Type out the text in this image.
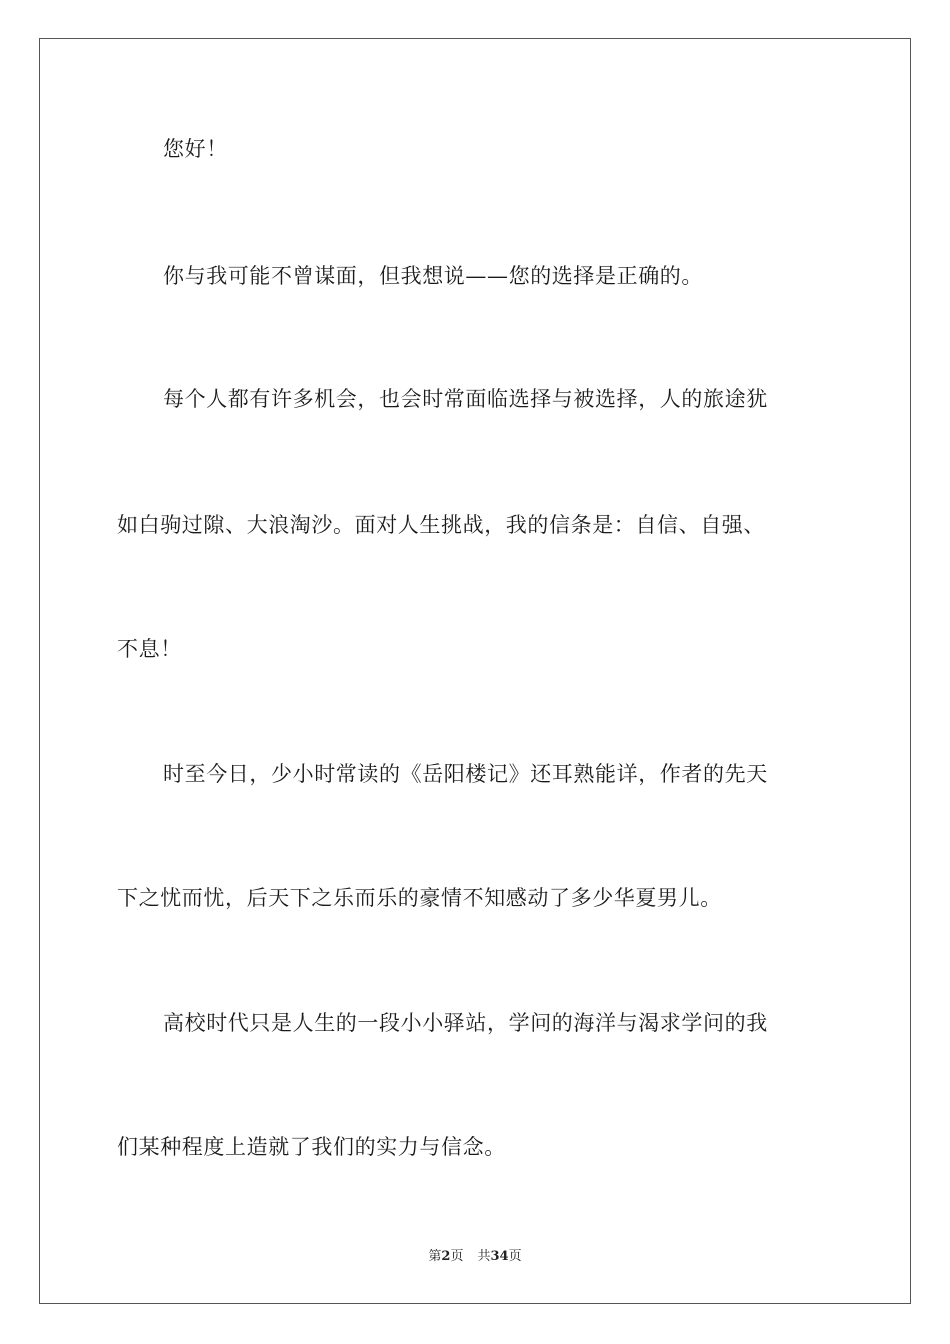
您好！
你与我可能不曾谋面，但我想说——您的选择是正确的。
每个人都有许多机会，也会时常面临选择与被选择，人的旅途犹
如白驹过隙、大浪淘沙。面对人生挑战，我的信条是：自信、自强、
不息！
时至今日，少小时常读的《岳阳楼记》还耳熟能详，作者的先天
下之忧而忧，后天下之乐而乐的豪情不知感动了多少华夏男儿。
高校时代只是人生的一段小小驿站，学问的海洋与渴求学问的我
们某种程度上造就了我们的实力与信念。
第2页 共34页
